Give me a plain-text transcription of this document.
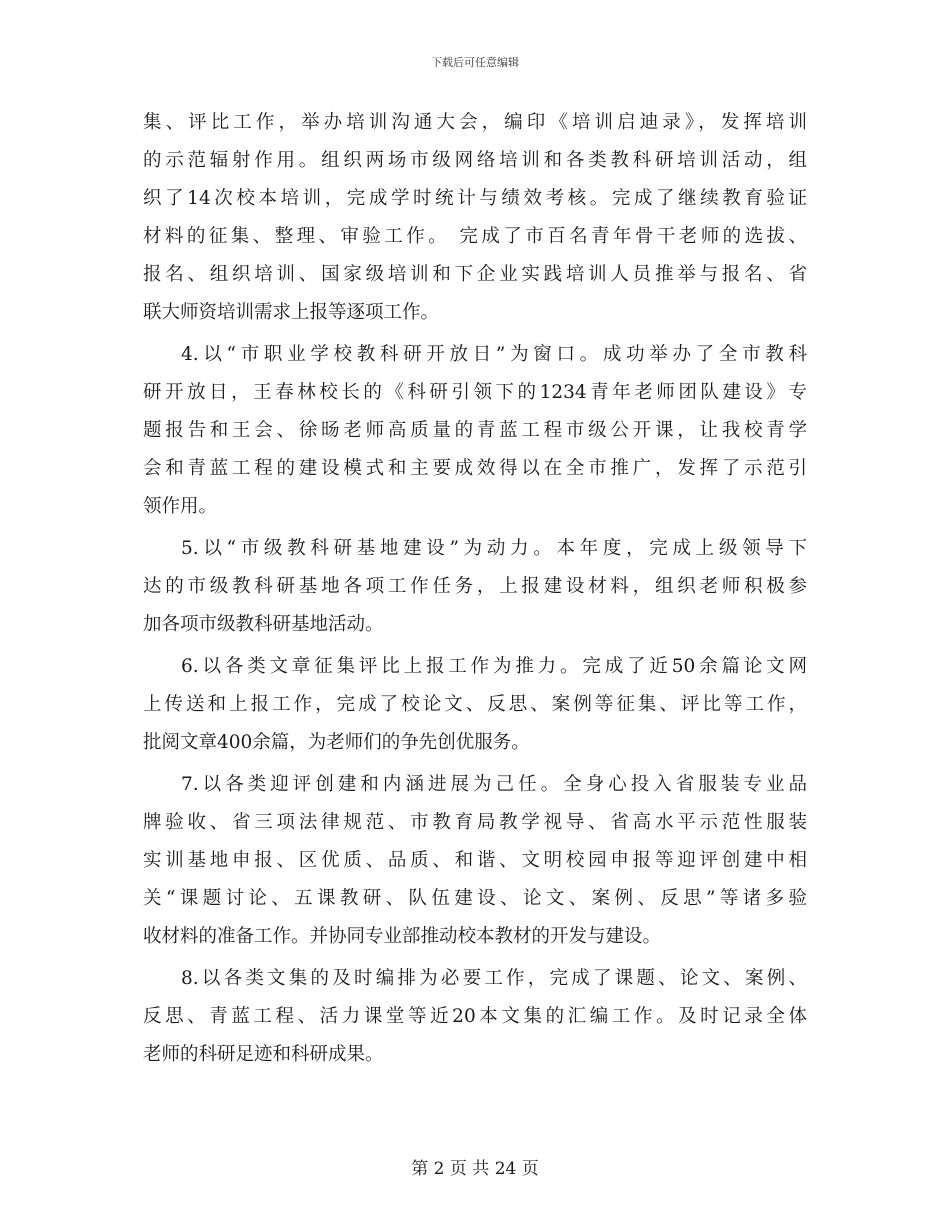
下载后可任意编辑
集、评比工作，举办培训沟通大会，编印《培训启迪录》，发挥培训
的示范辐射作用。组织两场市级网络培训和各类教科研培训活动，组
织了14次校本培训，完成学时统计与绩效考核。完成了继续教育验证
材料的征集、整理、审验工作。 完成了市百名青年骨干老师的选拔、
报名、组织培训、国家级培训和下企业实践培训人员推举与报名、省
联大师资培训需求上报等逐项工作。
4.以“市职业学校教科研开放日”为窗口。成功举办了全市教科
研开放日，王春林校长的《科研引领下的1234青年老师团队建设》专
题报告和王会、徐旸老师高质量的青蓝工程市级公开课，让我校青学
会和青蓝工程的建设模式和主要成效得以在全市推广，发挥了示范引
领作用。
5.以“市级教科研基地建设”为动力。本年度，完成上级领导下
达的市级教科研基地各项工作任务，上报建设材料，组织老师积极参
加各项市级教科研基地活动。
6.以各类文章征集评比上报工作为推力。完成了近50余篇论文网
上传送和上报工作，完成了校论文、反思、案例等征集、评比等工作，
批阅文章400余篇，为老师们的争先创优服务。
7.以各类迎评创建和内涵进展为己任。全身心投入省服装专业品
牌验收、省三项法律规范、市教育局教学视导、省高水平示范性服装
实训基地申报、区优质、品质、和谐、文明校园申报等迎评创建中相
关“课题讨论、五课教研、队伍建设、论文、案例、反思”等诸多验
收材料的准备工作。并协同专业部推动校本教材的开发与建设。
8.以各类文集的及时编排为必要工作，完成了课题、论文、案例、
反思、青蓝工程、活力课堂等近20本文集的汇编工作。及时记录全体
老师的科研足迹和科研成果。
第 2 页 共 24 页
